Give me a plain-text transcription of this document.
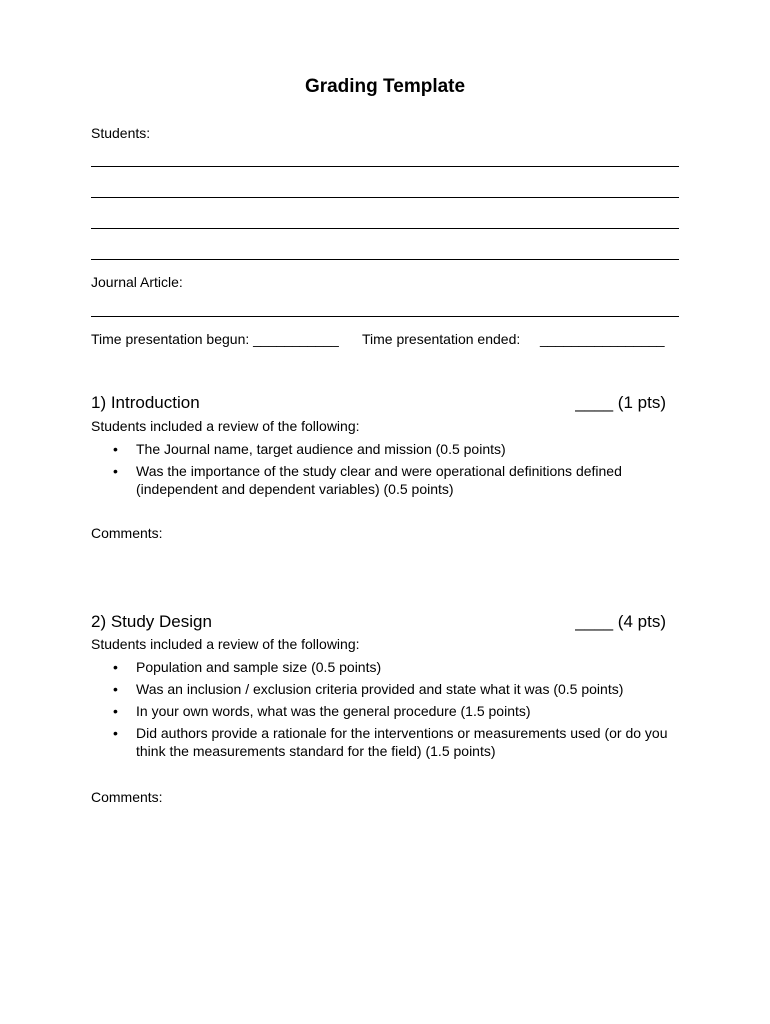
Grading Template
Students:
Journal Article:
Time presentation begun: ___________ Time presentation ended: ________________
1) Introduction	____ (1 pts)
Students included a review of the following:
• The Journal name, target audience and mission (0.5 points)
• Was the importance of the study clear and were operational definitions defined (independent and dependent variables) (0.5 points)
Comments:
2) Study Design	____ (4 pts)
Students included a review of the following:
• Population and sample size (0.5 points)
• Was an inclusion / exclusion criteria provided and state what it was (0.5 points)
• In your own words, what was the general procedure (1.5 points)
• Did authors provide a rationale for the interventions or measurements used (or do you think the measurements standard for the field) (1.5 points)
Comments:
